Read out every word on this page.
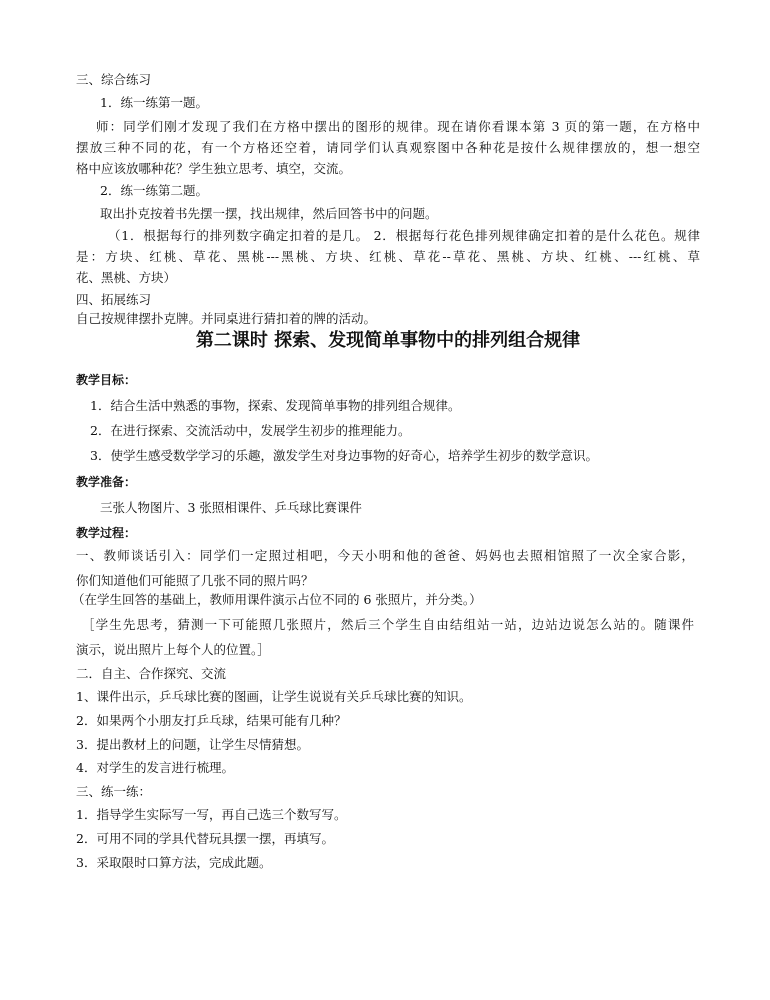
三、综合练习
1．练一练第一题。
师：同学们刚才发现了我们在方格中摆出的图形的规律。现在请你看课本第 3 页的第一题，在方格中
摆放三种不同的花，有一个方格还空着，请同学们认真观察图中各种花是按什么规律摆放的，想一想空
格中应该放哪种花？学生独立思考、填空，交流。
2．练一练第二题。
取出扑克按着书先摆一摆，找出规律，然后回答书中的问题。
（1．根据每行的排列数字确定扣着的是几。 2．根据每行花色排列规律确定扣着的是什么花色。规律
是：方块、红桃、草花、黑桃---黑桃、方块、红桃、草花--草花、黑桃、方块、红桃、---红桃、草
花、黑桃、方块）
四、拓展练习
自己按规律摆扑克牌。并同桌进行猜扣着的牌的活动。
第二课时 探索、发现简单事物中的排列组合规律
教学目标：
1．结合生活中熟悉的事物，探索、发现简单事物的排列组合规律。
2．在进行探索、交流活动中，发展学生初步的推理能力。
3．使学生感受数学学习的乐趣，激发学生对身边事物的好奇心，培养学生初步的数学意识。
教学准备：
三张人物图片、3 张照相课件、乒乓球比赛课件
教学过程：
一、教师谈话引入：同学们一定照过相吧，今天小明和他的爸爸、妈妈也去照相馆照了一次全家合影，
你们知道他们可能照了几张不同的照片吗？
（在学生回答的基础上，教师用课件演示占位不同的 6 张照片，并分类。）
［学生先思考，猜测一下可能照几张照片，然后三个学生自由结组站一站，边站边说怎么站的。随课件
演示，说出照片上每个人的位置。］
二．自主、合作探究、交流
1、课件出示，乒乓球比赛的图画，让学生说说有关乒乓球比赛的知识。
2．如果两个小朋友打乒乓球，结果可能有几种？
3．提出教材上的问题，让学生尽情猜想。
4．对学生的发言进行梳理。
三、练一练：
1．指导学生实际写一写，再自己选三个数写写。
2．可用不同的学具代替玩具摆一摆，再填写。
3．采取限时口算方法，完成此题。
